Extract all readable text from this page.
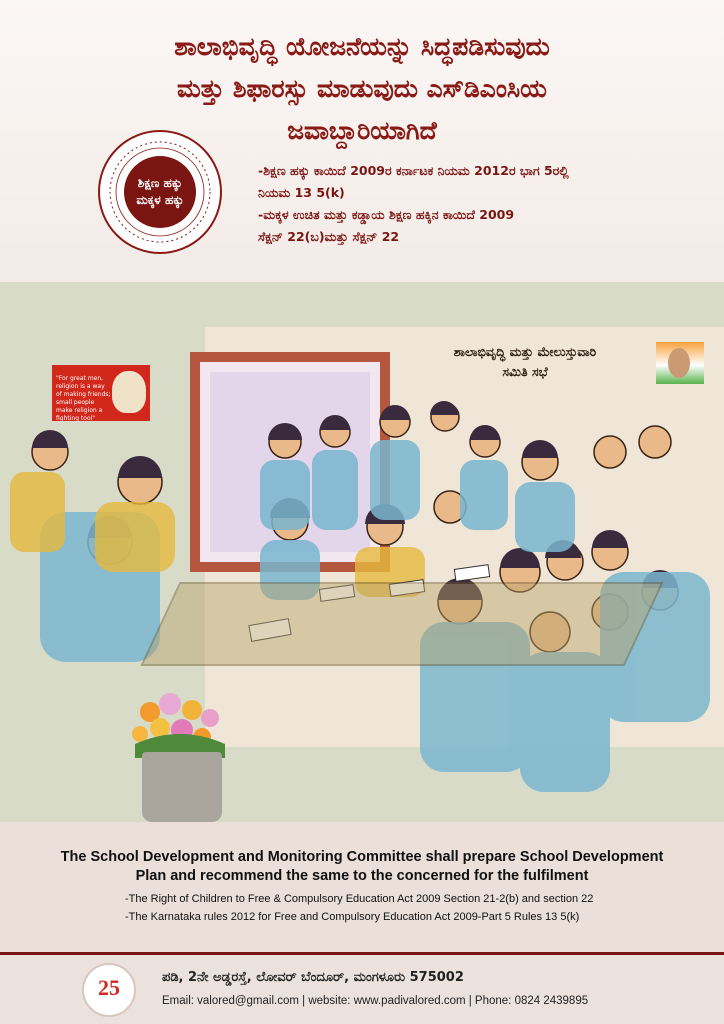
ಶಾಲಾಭಿವೃದ್ಧಿ ಯೋಜನೆಯನ್ನು ಸಿದ್ಧಪಡಿಸುವುದು
ಮತ್ತು ಶಿಫಾರಸ್ಸು ಮಾಡುವುದು ಎಸ್‌ಡಿಎಂಸಿಯ
ಜವಾಬ್ದಾರಿಯಾಗಿದೆ
ಶಿಕ್ಷಣ ಹಕ್ಕು
ಮಕ್ಕಳ ಹಕ್ಕು
-ಶಿಕ್ಷಣ ಹಕ್ಕು ಕಾಯಿದೆ 2009ರ ಕರ್ನಾಟಕ ನಿಯಮ 2012ರ ಭಾಗ 5ರಲ್ಲಿ
ನಿಯಮ 13 5(k)
-ಮಕ್ಕಳ ಉಚಿತ ಮತ್ತು ಕಡ್ಡಾಯ ಶಿಕ್ಷಣ ಹಕ್ಕಿನ ಕಾಯಿದೆ 2009
ಸೆಕ್ಷನ್ 22(ಬ)ಮತ್ತು ಸೆಕ್ಷನ್ 22
"For great men, religion is a way of making friends; small people make religion a fighting tool"
ಶಾಲಾಭಿವೃದ್ಧಿ ಮತ್ತು ಮೇಲುಸ್ತುವಾರಿ
ಸಮಿತಿ ಸಭೆ
The School Development and Monitoring Committee shall prepare School Development
Plan and recommend the same to the concerned for the fulfilment
-The Right of Children to Free & Compulsory Education Act 2009 Section 21-2(b) and section 22
-The Karnataka rules 2012 for Free and Compulsory Education Act 2009-Part 5 Rules 13 5(k)
25	ಪಡಿ, 2ನೇ ಅಡ್ಡರಸ್ತೆ, ಲೋವರ್ ಬೆಂದೂರ್, ಮಂಗಳೂರು 575002
Email: valored@gmail.com | website: www.padivalored.com | Phone: 0824 2439895
